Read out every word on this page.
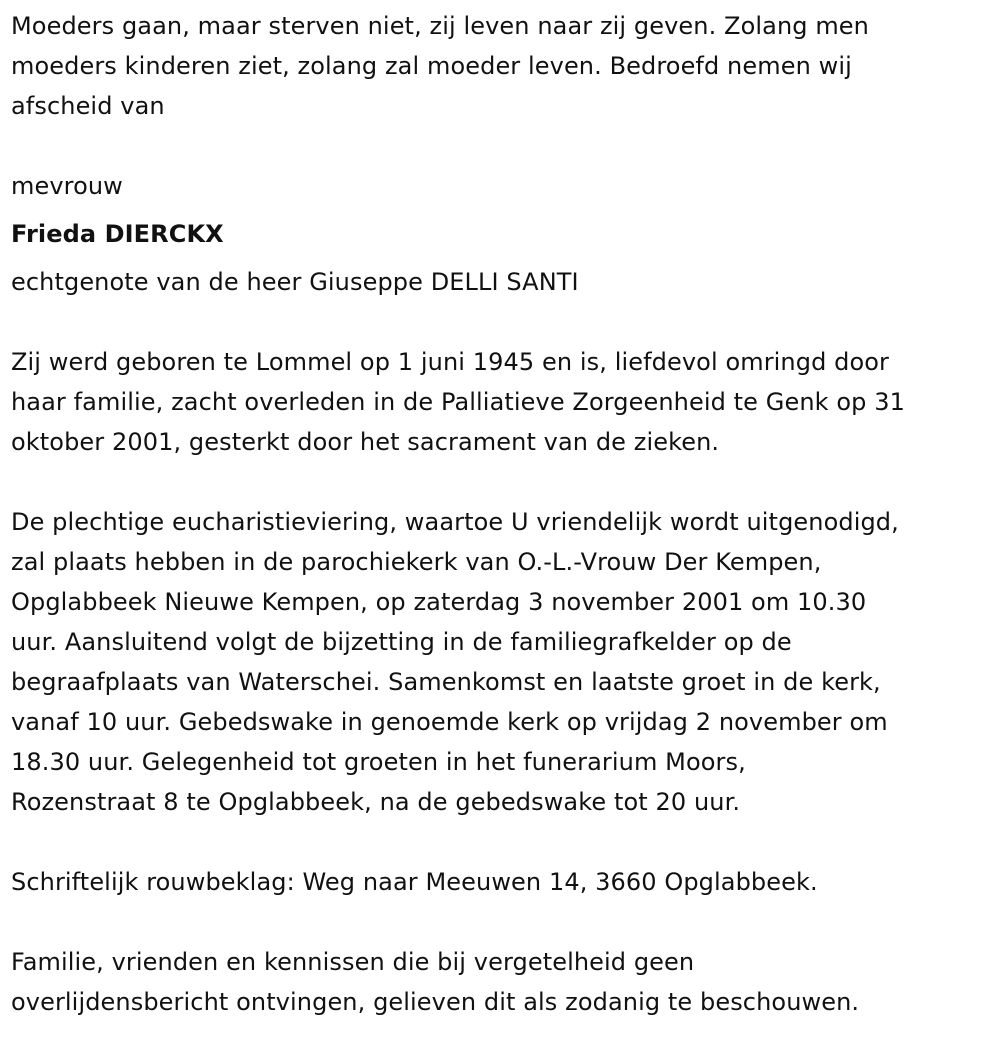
Moeders gaan, maar sterven niet, zij leven naar zij geven. Zolang men
moeders kinderen ziet, zolang zal moeder leven. Bedroefd nemen wij
afscheid van
mevrouw
Frieda DIERCKX
echtgenote van de heer Giuseppe DELLI SANTI
Zij werd geboren te Lommel op 1 juni 1945 en is, liefdevol omringd door
haar familie, zacht overleden in de Palliatieve Zorgeenheid te Genk op 31
oktober 2001, gesterkt door het sacrament van de zieken.
De plechtige eucharistieviering, waartoe U vriendelijk wordt uitgenodigd,
zal plaats hebben in de parochiekerk van O.-L.-Vrouw Der Kempen,
Opglabbeek Nieuwe Kempen, op zaterdag 3 november 2001 om 10.30
uur. Aansluitend volgt de bijzetting in de familiegrafkelder op de
begraafplaats van Waterschei. Samenkomst en laatste groet in de kerk,
vanaf 10 uur. Gebedswake in genoemde kerk op vrijdag 2 november om
18.30 uur. Gelegenheid tot groeten in het funerarium Moors,
Rozenstraat 8 te Opglabbeek, na de gebedswake tot 20 uur.
Schriftelijk rouwbeklag: Weg naar Meeuwen 14, 3660 Opglabbeek.
Familie, vrienden en kennissen die bij vergetelheid geen
overlijdensbericht ontvingen, gelieven dit als zodanig te beschouwen.
